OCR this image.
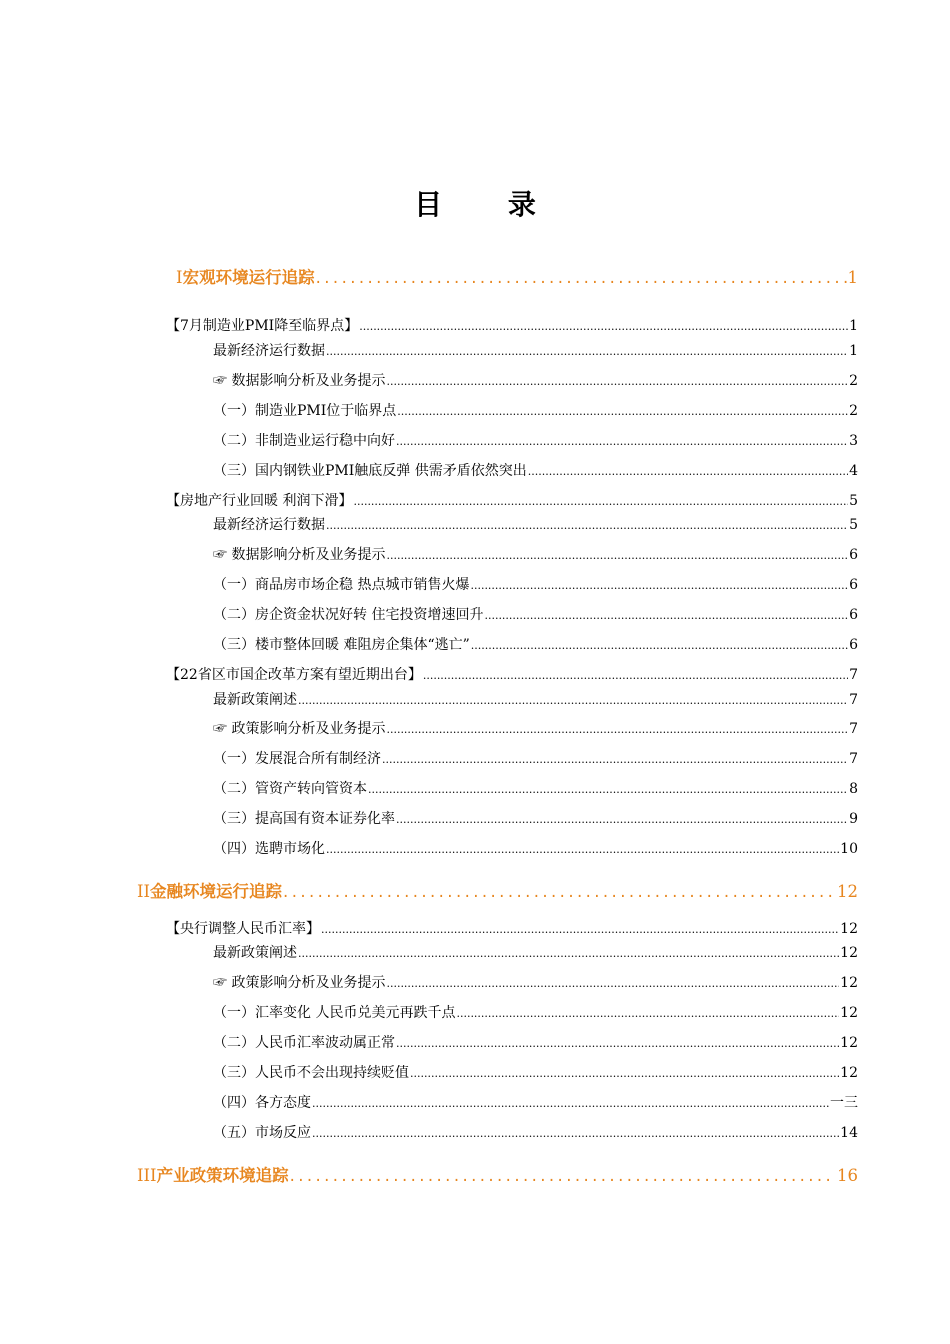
目 录
I 宏观环境运行追踪 .....	1
【7月制造业PMI降至临界点】 .....	1
最新经济运行数据 .....	1
☞ 数据影响分析及业务提示 .....	2
（一）制造业PMI位于临界点 .....	2
（二）非制造业运行稳中向好 .....	3
（三）国内钢铁业PMI触底反弹 供需矛盾依然突出 .....	4
【房地产行业回暖 利润下滑】 .....	5
最新经济运行数据 .....	5
☞ 数据影响分析及业务提示 .....	6
（一）商品房市场企稳 热点城市销售火爆 .....	6
（二）房企资金状况好转 住宅投资增速回升 .....	6
（三）楼市整体回暖 难阻房企集体“逃亡” .....	6
【22省区市国企改革方案有望近期出台】 .....	7
最新政策阐述 .....	7
☞ 政策影响分析及业务提示 .....	7
（一）发展混合所有制经济 .....	7
（二）管资产转向管资本 .....	8
（三）提高国有资本证券化率 .....	9
（四）选聘市场化 .....	10
II 金融环境运行追踪 .....	12
【央行调整人民币汇率】 .....	12
最新政策阐述 .....	12
☞ 政策影响分析及业务提示 .....	12
（一）汇率变化 人民币兑美元再跌千点 .....	12
（二）人民币汇率波动属正常 .....	12
（三）人民币不会出现持续贬值 .....	12
（四）各方态度 .....	一三
（五）市场反应 .....	14
III 产业政策环境追踪 .....	16
